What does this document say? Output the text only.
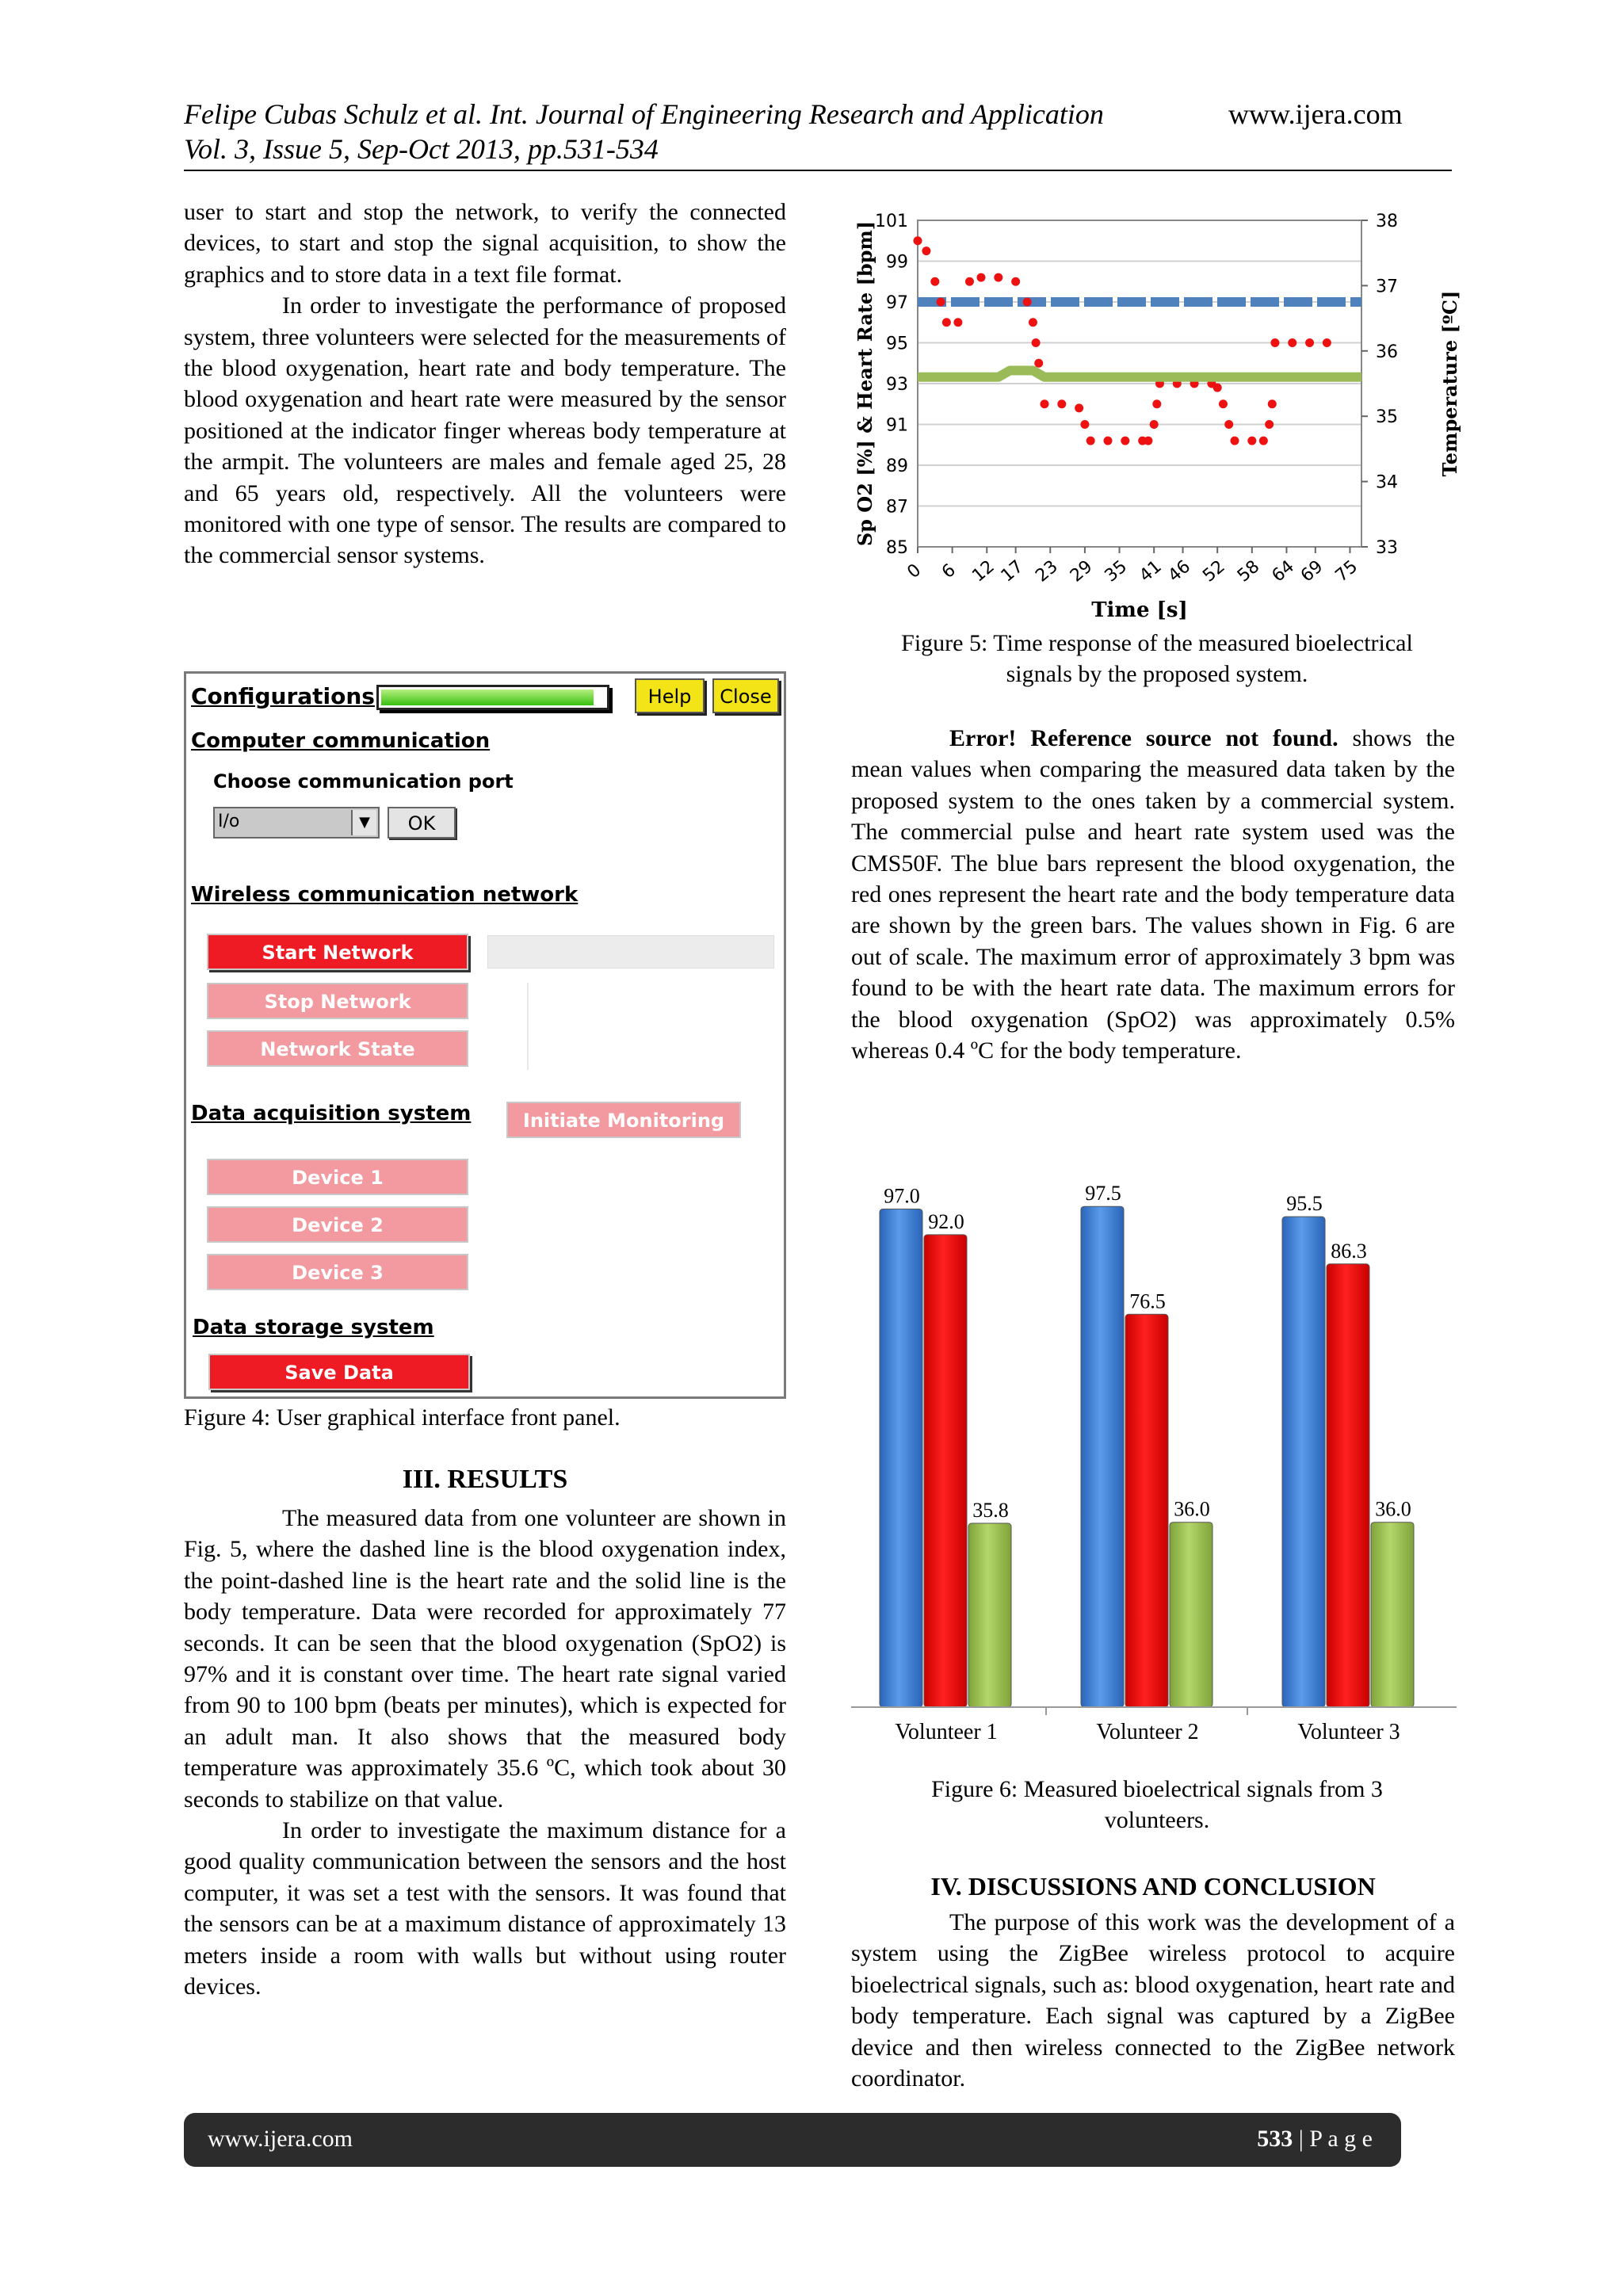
Felipe Cubas Schulz et al. Int. Journal of Engineering Research and Application
Vol. 3, Issue 5, Sep-Oct 2013, pp.531-534
www.ijera.com

user to start and stop the network, to verify the connected devices, to start and stop the signal acquisition, to show the graphics and to store data in a text file format.

In order to investigate the performance of proposed system, three volunteers were selected for the measurements of the blood oxygenation, heart rate and body temperature. The blood oxygenation and heart rate were measured by the sensor positioned at the indicator finger whereas body temperature at the armpit. The volunteers are males and female aged 25, 28 and 65 years old, respectively. All the volunteers were monitored with one type of sensor. The results are compared to the commercial sensor systems.

Configurations	Help	Close
Computer communication
Choose communication port
I/o	▼	OK
Wireless communication network
Start Network
Stop Network
Network State
Data acquisition system	Initiate Monitoring
Device 1
Device 2
Device 3
Data storage system
Save Data
Figure 4: User graphical interface front panel.
III. RESULTS

The measured data from one volunteer are shown in Fig. 5, where the dashed line is the blood oxygenation index, the point-dashed line is the heart rate and the solid line is the body temperature. Data were recorded for approximately 77 seconds. It can be seen that the blood oxygenation (SpO2) is 97% and it is constant over time. The heart rate signal varied from 90 to 100 bpm (beats per minutes), which is expected for an adult man. It also shows that the measured body temperature was approximately 35.6 ºC, which took about 30 seconds to stabilize on that value.

In order to investigate the maximum distance for a good quality communication between the sensors and the host computer, it was set a test with the sensors. It was found that the sensors can be at a maximum distance of approximately 13 meters inside a room with walls but without using router devices.

85
87
89
91
93
95
97
99
101
33
34
35
36
37
38
0 6 12
17 23 29 35 41
46 52 58 64
69 75
Time [s]
Sp O2 [%] & Heart Rate [bpm]	Temperature [ºC]
Figure 5: Time response of the measured bioelectrical
signals by the proposed system.

Error! Reference source not found. shows the mean values when comparing the measured data taken by the proposed system to the ones taken by a commercial system. The commercial pulse and heart rate system used was the CMS50F. The blue bars represent the blood oxygenation, the red ones represent the heart rate and the body temperature data are shown by the green bars. The values shown in Fig. 6 are out of scale. The maximum error of approximately 3 bpm was found to be with the heart rate data. The maximum errors for the blood oxygenation (SpO2) was approximately 0.5% whereas 0.4 ºC for the body temperature.

97.0
92.0
35.8
97.5
76.5
36.0
95.5
86.3
36.0
Volunteer 1	Volunteer 2	Volunteer 3
Figure 6: Measured bioelectrical signals from 3
volunteers.
IV. DISCUSSIONS AND CONCLUSION

The purpose of this work was the development of a system using the ZigBee wireless protocol to acquire bioelectrical signals, such as: blood oxygenation, heart rate and body temperature. Each signal was captured by a ZigBee device and then wireless connected to the ZigBee network coordinator.

www.ijera.com	533 | P a g e
